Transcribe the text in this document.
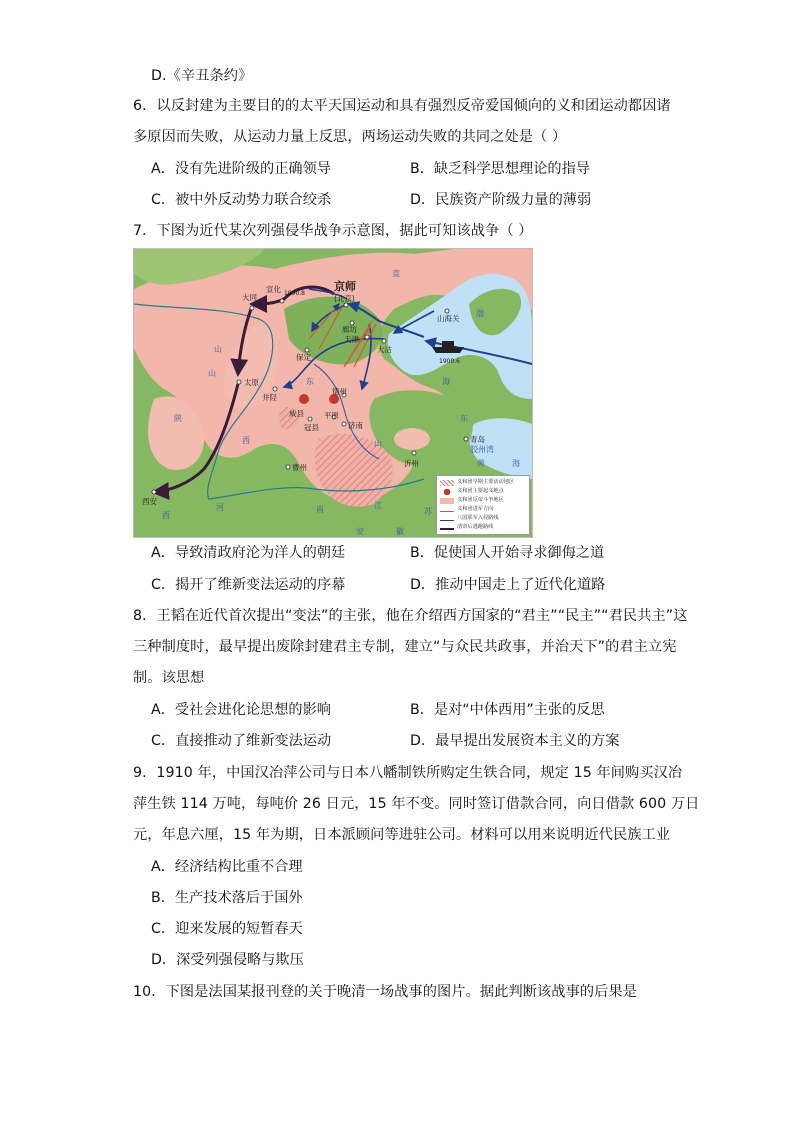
D.《辛丑条约》
6．以反封建为主要目的的太平天国运动和具有强烈反帝爱国倾向的义和团运动都因诸
多原因而失败，从运动力量上反思，两场运动失败的共同之处是（ ）
A．没有先进阶级的正确领导	B．缺乏科学思想理论的指导
C．被中外反动势力联合绞杀	D．民族资产阶级力量的薄弱
7．下图为近代某次列强侵华战争示意图，据此可知该战争（ ）
京师
(北京)
大同
宣化 1900.8
太原
井陉
保定
廊坊
天津
大沽
山海关
1900.6
德州
威县	平原
冠县	济南
曹州	沂州
青岛
胶州湾
西安
直
山
陕
西
东
山
河	南	江
苏
安	徽
渤
海
黄	海
东
西
山
义和团早期主要活动地区
义和团主要起义地点
义和团反帝斗争地区
义和团进军方向
八国联军入侵路线
清帝后逃跑路线
A．导致清政府沦为洋人的朝廷	B．促使国人开始寻求御侮之道
C．揭开了维新变法运动的序幕	D．推动中国走上了近代化道路
8．王韬在近代首次提出“变法”的主张，他在介绍西方国家的“君主”“民主”“君民共主”这
三种制度时，最早提出废除封建君主专制，建立“与众民共政事，并治天下”的君主立宪
制。该思想
A．受社会进化论思想的影响	B．是对“中体西用”主张的反思
C．直接推动了维新变法运动	D．最早提出发展资本主义的方案
9．1910 年，中国汉冶萍公司与日本八幡制铁所购定生铁合同，规定 15 年间购买汉冶
萍生铁 114 万吨，每吨价 26 日元，15 年不变。同时签订借款合同，向日借款 600 万日
元，年息六厘，15 年为期，日本派顾问等进驻公司。材料可以用来说明近代民族工业
A．经济结构比重不合理
B．生产技术落后于国外
C．迎来发展的短暂春天
D．深受列强侵略与欺压
10．下图是法国某报刊登的关于晚清一场战事的图片。据此判断该战事的后果是
